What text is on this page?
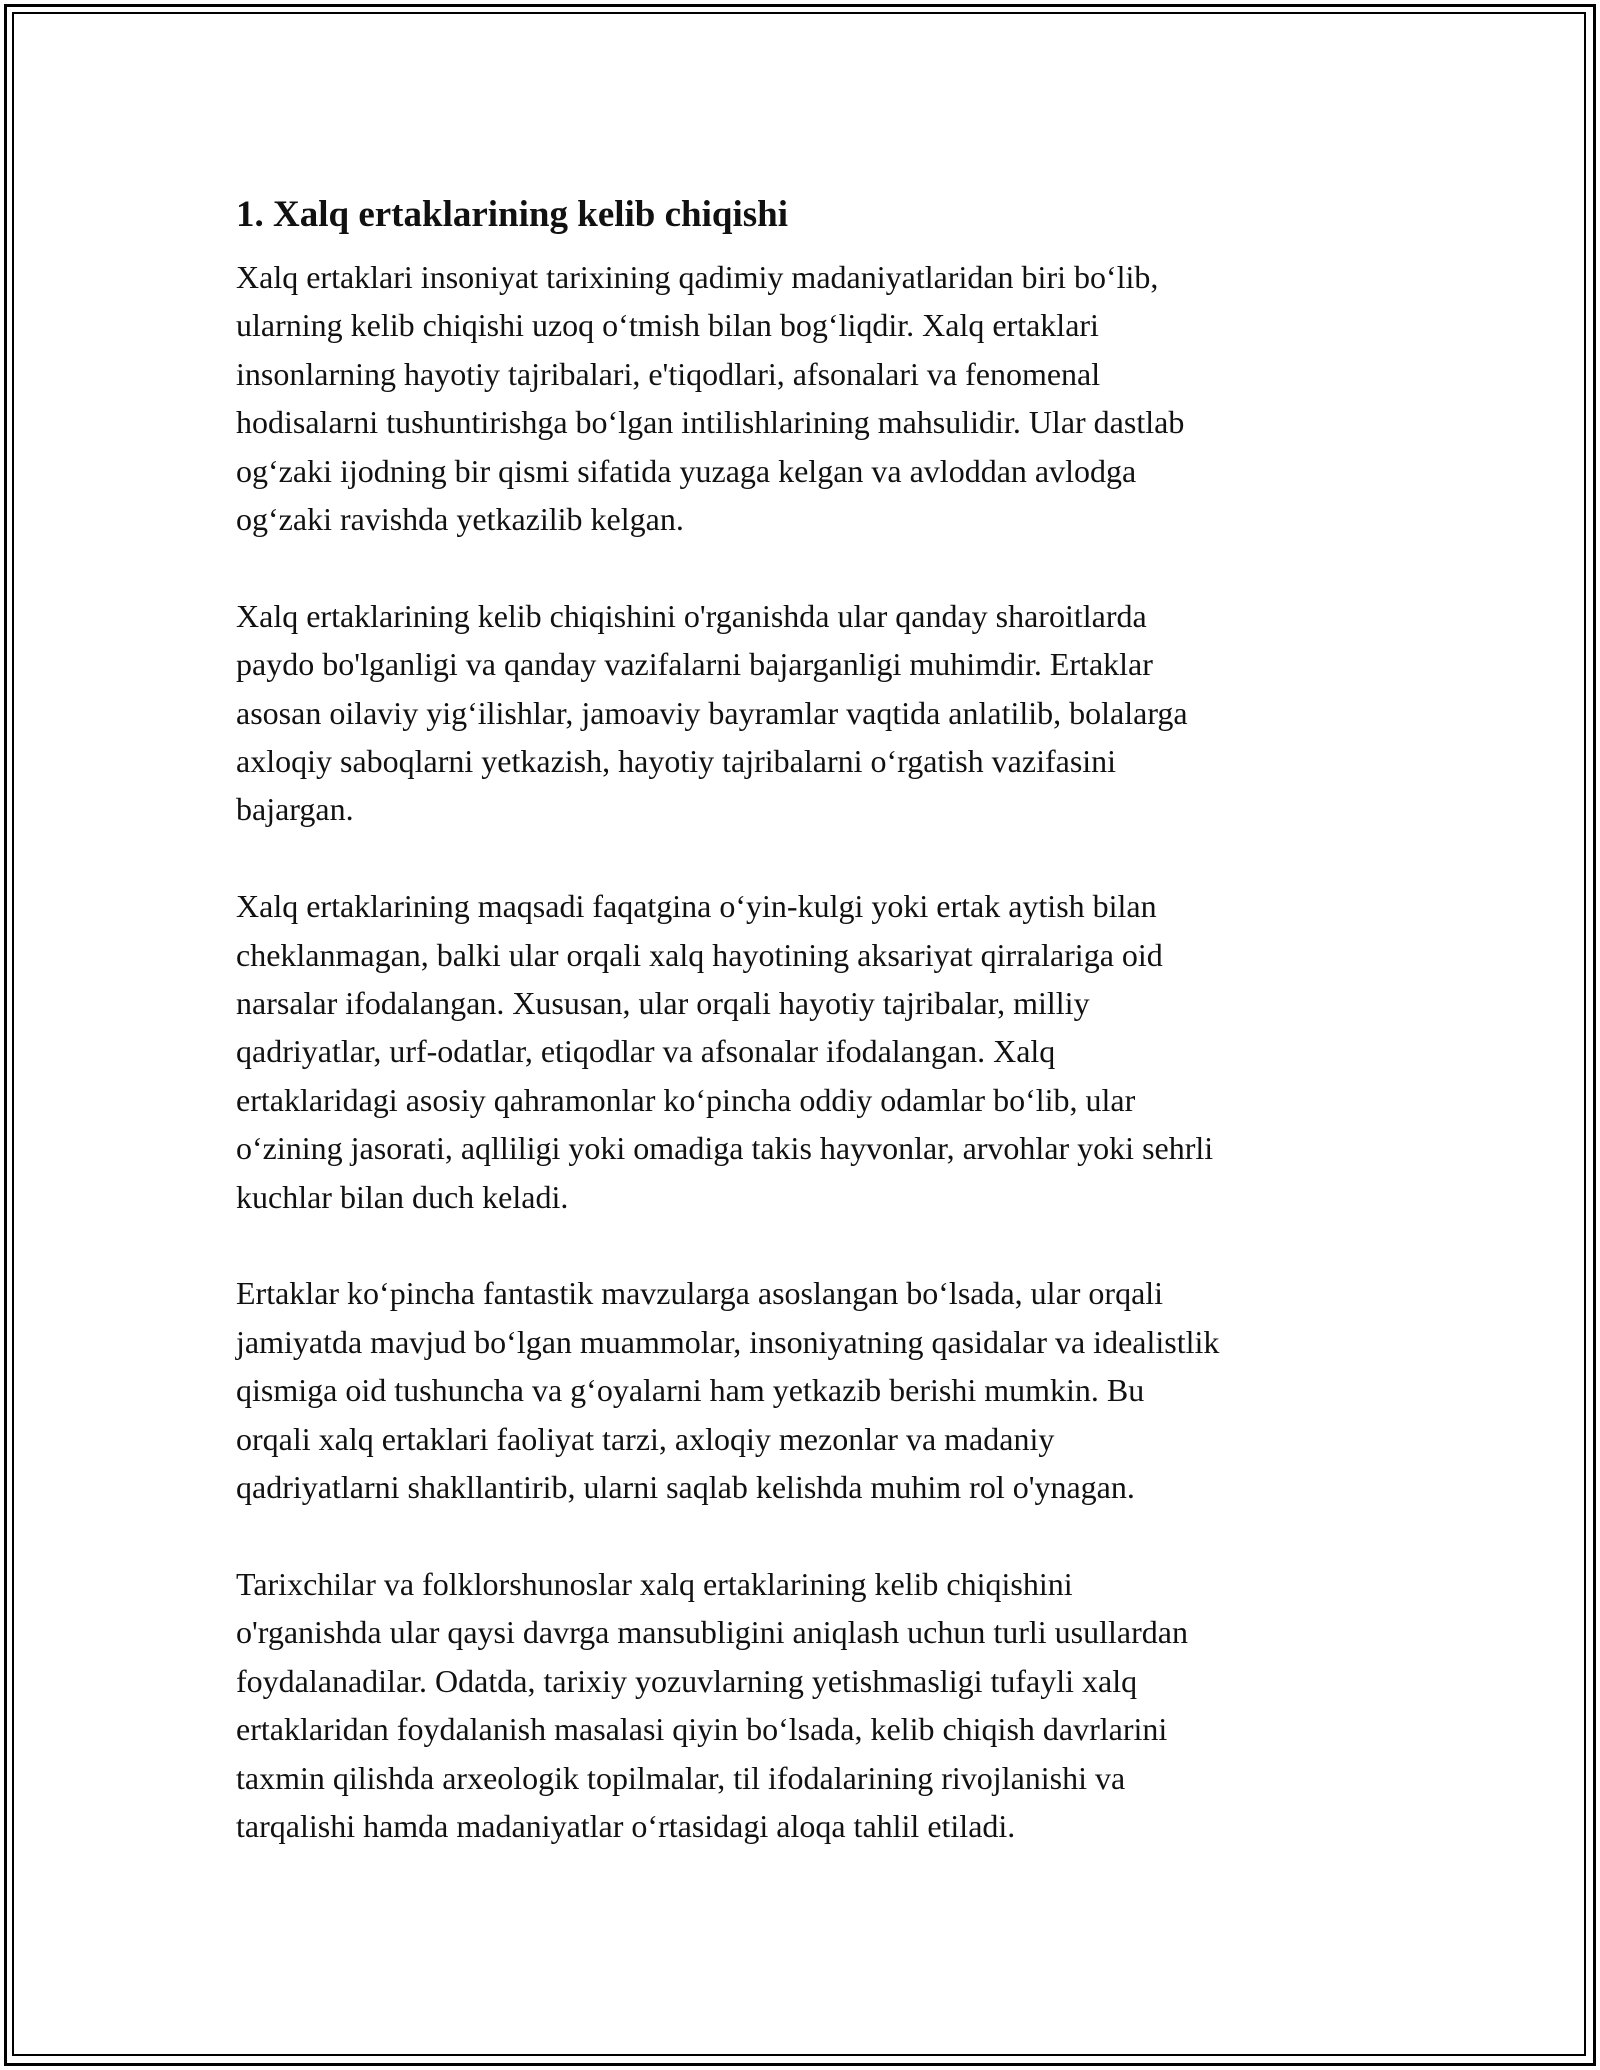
1. Xalq ertaklarining kelib chiqishi

Xalq ertaklari insoniyat tarixining qadimiy madaniyatlaridan biri bo‘lib,
ularning kelib chiqishi uzoq o‘tmish bilan bog‘liqdir. Xalq ertaklari
insonlarning hayotiy tajribalari, e'tiqodlari, afsonalari va fenomenal
hodisalarni tushuntirishga bo‘lgan intilishlarining mahsulidir. Ular dastlab
og‘zaki ijodning bir qismi sifatida yuzaga kelgan va avloddan avlodga
og‘zaki ravishda yetkazilib kelgan.

Xalq ertaklarining kelib chiqishini o'rganishda ular qanday sharoitlarda
paydo bo'lganligi va qanday vazifalarni bajarganligi muhimdir. Ertaklar
asosan oilaviy yig‘ilishlar, jamoaviy bayramlar vaqtida anlatilib, bolalarga
axloqiy saboqlarni yetkazish, hayotiy tajribalarni o‘rgatish vazifasini
bajargan.

Xalq ertaklarining maqsadi faqatgina o‘yin-kulgi yoki ertak aytish bilan
cheklanmagan, balki ular orqali xalq hayotining aksariyat qirralariga oid
narsalar ifodalangan. Xususan, ular orqali hayotiy tajribalar, milliy
qadriyatlar, urf-odatlar, etiqodlar va afsonalar ifodalangan. Xalq
ertaklaridagi asosiy qahramonlar ko‘pincha oddiy odamlar bo‘lib, ular
o‘zining jasorati, aqlliligi yoki omadiga takis hayvonlar, arvohlar yoki sehrli
kuchlar bilan duch keladi.

Ertaklar ko‘pincha fantastik mavzularga asoslangan bo‘lsada, ular orqali
jamiyatda mavjud bo‘lgan muammolar, insoniyatning qasidalar va idealistlik
qismiga oid tushuncha va g‘oyalarni ham yetkazib berishi mumkin. Bu
orqali xalq ertaklari faoliyat tarzi, axloqiy mezonlar va madaniy
qadriyatlarni shakllantirib, ularni saqlab kelishda muhim rol o'ynagan.

Tarixchilar va folklorshunoslar xalq ertaklarining kelib chiqishini
o'rganishda ular qaysi davrga mansubligini aniqlash uchun turli usullardan
foydalanadilar. Odatda, tarixiy yozuvlarning yetishmasligi tufayli xalq
ertaklaridan foydalanish masalasi qiyin bo‘lsada, kelib chiqish davrlarini
taxmin qilishda arxeologik topilmalar, til ifodalarining rivojlanishi va
tarqalishi hamda madaniyatlar o‘rtasidagi aloqa tahlil etiladi.
